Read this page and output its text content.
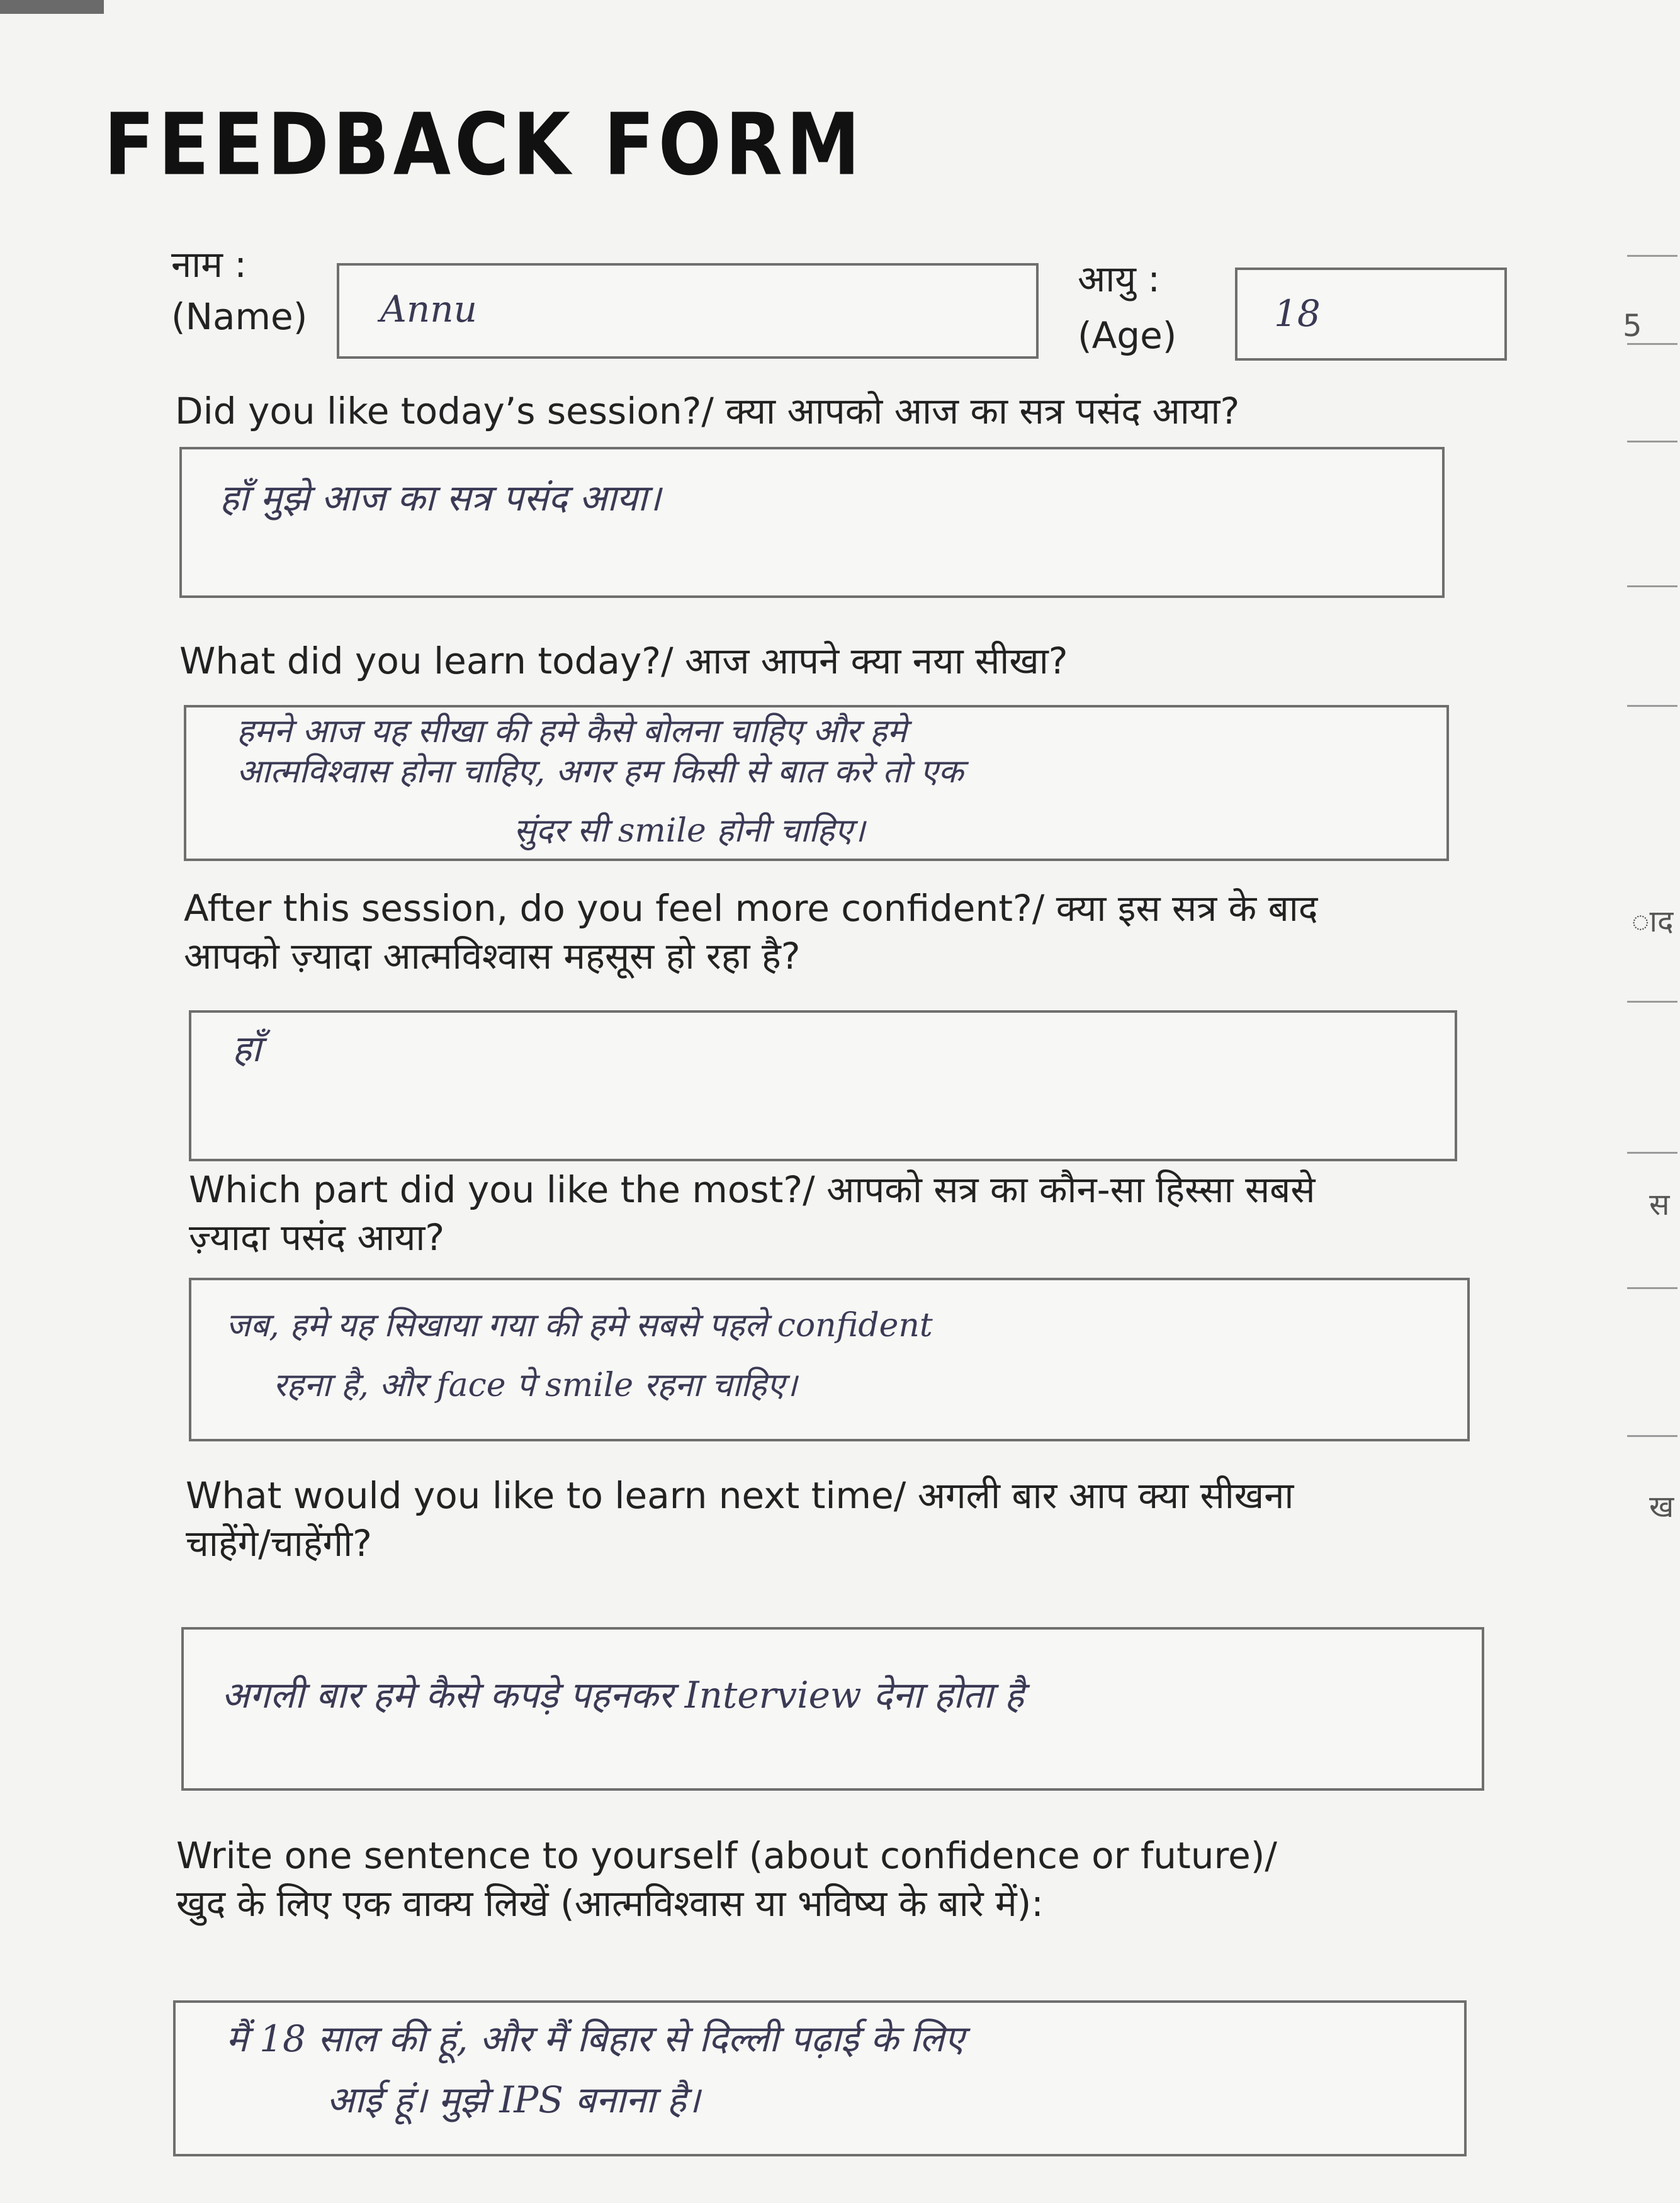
FEEDBACK FORM
नाम :
(Name) Annu
आयु :
(Age)
18
Did you like today’s session?/ क्या आपको आज का सत्र पसंद आया?
हाँ मुझे आज का सत्र पसंद आया।
What did you learn today?/ आज आपने क्या नया सीखा?
हमने आज यह सीखा की हमे कैसे बोलना चाहिए और हमे
आत्मविश्वास होना चाहिए, अगर हम किसी से बात करे तो एक
सुंदर सी smile होनी चाहिए।
After this session, do you feel more confident?/ क्या इस सत्र के बाद
आपको ज़्यादा आत्मविश्वास महसूस हो रहा है?
हाँ
Which part did you like the most?/ आपको सत्र का कौन-सा हिस्सा सबसे
ज़्यादा पसंद आया?
जब, हमे यह सिखाया गया की हमे सबसे पहले confident
रहना है, और face पे smile रहना चाहिए।
What would you like to learn next time/ अगली बार आप क्या सीखना
चाहेंगे/चाहेंगी?
अगली बार हमे कैसे कपड़े पहनकर Interview देना होता है
Write one sentence to yourself (about confidence or future)/
खुद के लिए एक वाक्य लिखें (आत्मविश्वास या भविष्य के बारे में):
मैं 18 साल की हूं, और मैं बिहार से दिल्ली पढ़ाई के लिए
आई हूं। मुझे IPS बनाना है।
5
ाद
स
ख
